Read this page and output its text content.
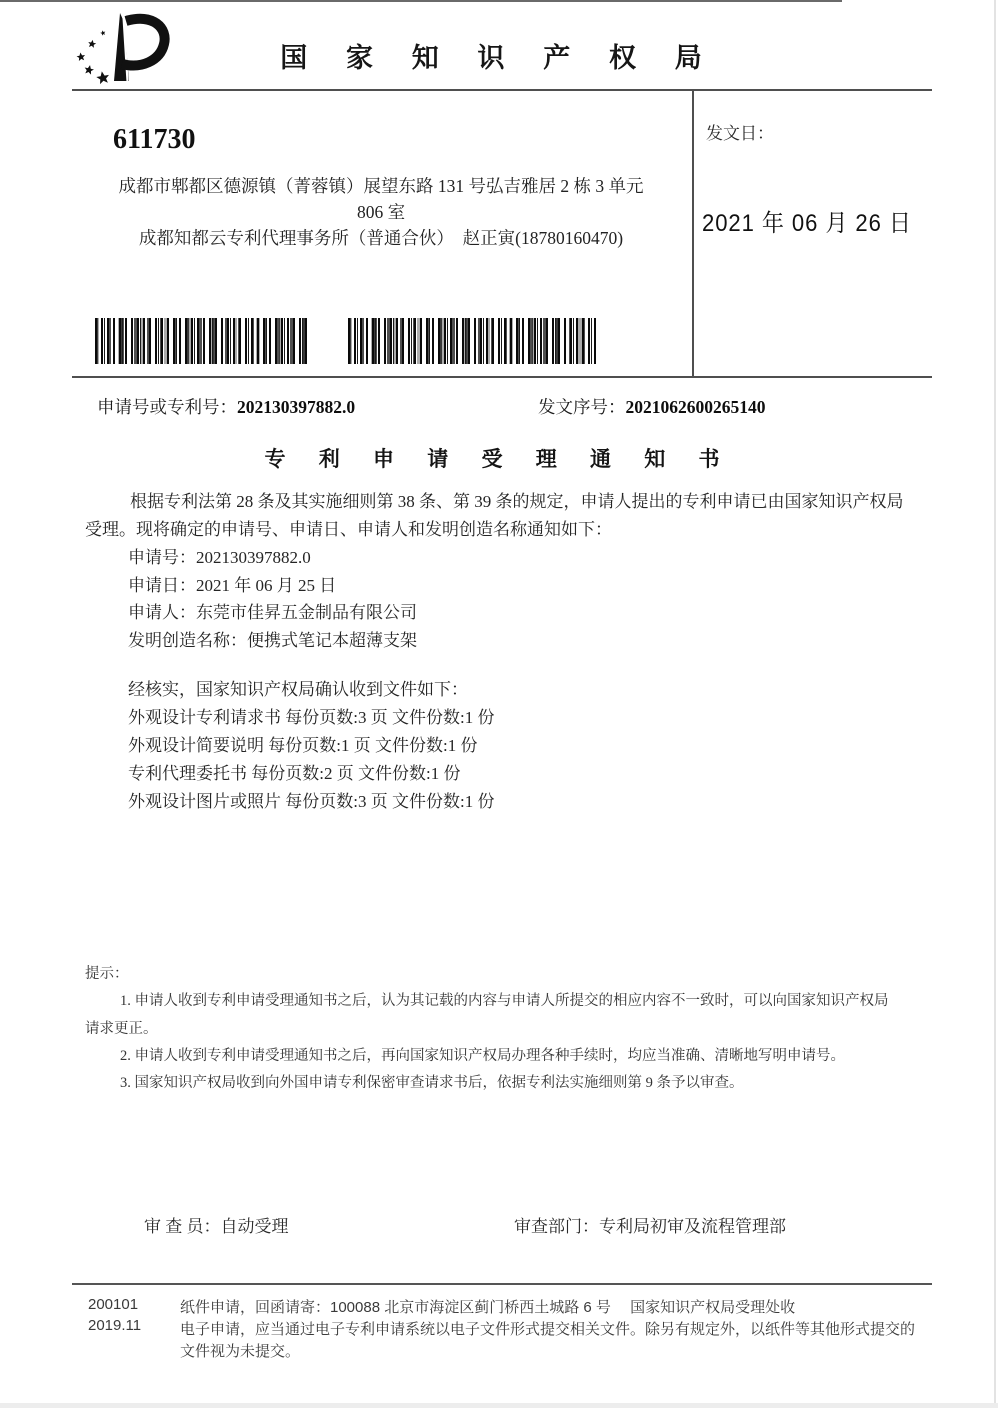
国 家 知 识 产 权 局
发文日：
2021 年 06 月 26 日
611730
成都市郫都区德源镇（菁蓉镇）展望东路 131 号弘吉雅居 2 栋 3 单元
806 室
成都知都云专利代理事务所（普通合伙）　赵正寅(18780160470)
申请号或专利号：202130397882.0	发文序号：2021062600265140
专 利 申 请 受 理 通 知 书
根据专利法第 28 条及其实施细则第 38 条、第 39 条的规定，申请人提出的专利申请已由国家知识产权局
受理。现将确定的申请号、申请日、申请人和发明创造名称通知如下：
申请号：202130397882.0
申请日：2021 年 06 月 25 日
申请人：东莞市佳昇五金制品有限公司
发明创造名称：便携式笔记本超薄支架
经核实，国家知识产权局确认收到文件如下：
外观设计专利请求书 每份页数:3 页 文件份数:1 份
外观设计简要说明 每份页数:1 页 文件份数:1 份
专利代理委托书 每份页数:2 页 文件份数:1 份
外观设计图片或照片 每份页数:3 页 文件份数:1 份
提示：
1. 申请人收到专利申请受理通知书之后，认为其记载的内容与申请人所提交的相应内容不一致时，可以向国家知识产权局
请求更正。
2. 申请人收到专利申请受理通知书之后，再向国家知识产权局办理各种手续时，均应当准确、清晰地写明申请号。
3. 国家知识产权局收到向外国申请专利保密审查请求书后，依据专利法实施细则第 9 条予以审查。
审 查 员：自动受理	审查部门：专利局初审及流程管理部
200101
2019.11
纸件申请，回函请寄：100088 北京市海淀区蓟门桥西土城路 6 号　 国家知识产权局受理处收
电子申请，应当通过电子专利申请系统以电子文件形式提交相关文件。除另有规定外，以纸件等其他形式提交的
文件视为未提交。
